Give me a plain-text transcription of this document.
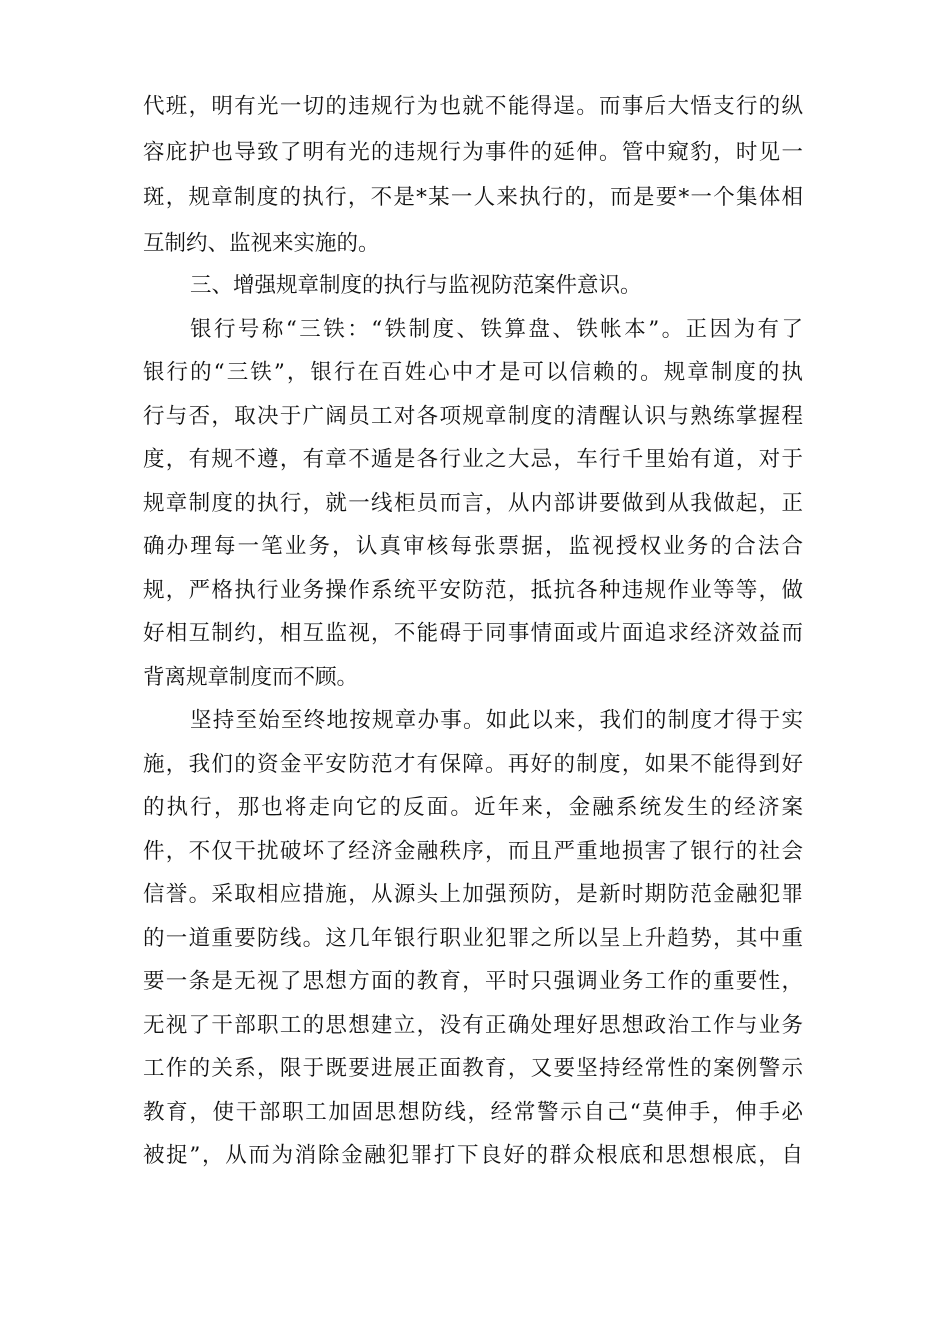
代班，明有光一切的违规行为也就不能得逞。而事后大悟支行的纵
容庇护也导致了明有光的违规行为事件的延伸。管中窥豹，时见一
斑，规章制度的执行，不是*某一人来执行的，而是要*一个集体相
互制约、监视来实施的。
三、增强规章制度的执行与监视防范案件意识。
银行号称“三铁：“铁制度、铁算盘、铁帐本”。正因为有了
银行的“三铁”，银行在百姓心中才是可以信赖的。规章制度的执
行与否，取决于广阔员工对各项规章制度的清醒认识与熟练掌握程
度，有规不遵，有章不遁是各行业之大忌，车行千里始有道，对于
规章制度的执行，就一线柜员而言，从内部讲要做到从我做起，正
确办理每一笔业务，认真审核每张票据，监视授权业务的合法合
规，严格执行业务操作系统平安防范，抵抗各种违规作业等等，做
好相互制约，相互监视，不能碍于同事情面或片面追求经济效益而
背离规章制度而不顾。
坚持至始至终地按规章办事。如此以来，我们的制度才得于实
施，我们的资金平安防范才有保障。再好的制度，如果不能得到好
的执行，那也将走向它的反面。近年来，金融系统发生的经济案
件，不仅干扰破坏了经济金融秩序，而且严重地损害了银行的社会
信誉。采取相应措施，从源头上加强预防，是新时期防范金融犯罪
的一道重要防线。这几年银行职业犯罪之所以呈上升趋势，其中重
要一条是无视了思想方面的教育，平时只强调业务工作的重要性，
无视了干部职工的思想建立，没有正确处理好思想政治工作与业务
工作的关系，限于既要进展正面教育，又要坚持经常性的案例警示
教育，使干部职工加固思想防线，经常警示自己“莫伸手，伸手必
被捉”，从而为消除金融犯罪打下良好的群众根底和思想根底，自
